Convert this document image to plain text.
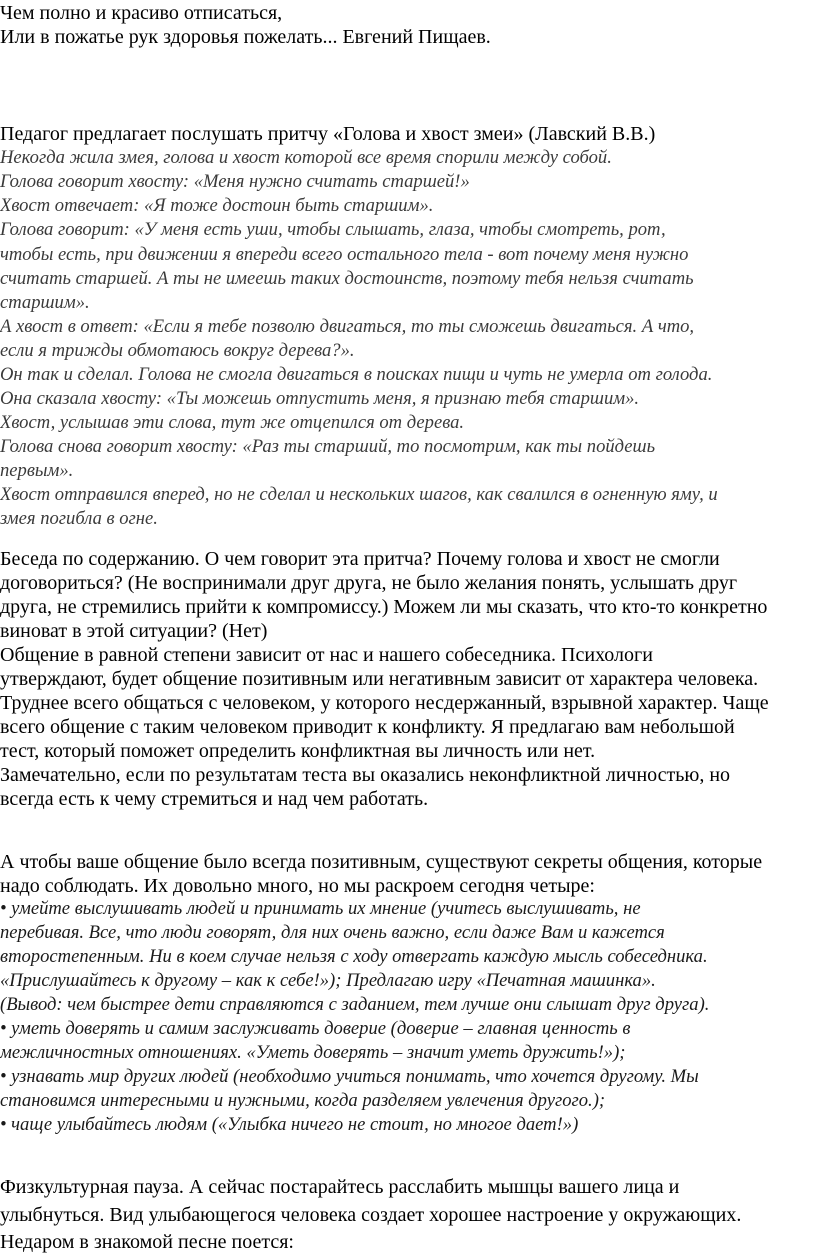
Чем полно и красиво отписаться,
Или в пожатье рук здоровья пожелать... Евгений Пищаев.
Педагог предлагает послушать притчу «Голова и хвост змеи» (Лавский В.В.)
Некогда жила змея, голова и хвост которой все время спорили между собой.
Голова говорит хвосту: «Меня нужно считать старшей!»
Хвост отвечает: «Я тоже достоин быть старшим».
Голова говорит: «У меня есть уши, чтобы слышать, глаза, чтобы смотреть, рот,
чтобы есть, при движении я впереди всего остального тела - вот почему меня нужно
считать старшей. А ты не имеешь таких достоинств, поэтому тебя нельзя считать
старшим».
А хвост в ответ: «Если я тебе позволю двигаться, то ты сможешь двигаться. А что,
если я трижды обмотаюсь вокруг дерева?».
Он так и сделал. Голова не смогла двигаться в поисках пищи и чуть не умерла от голода.
Она сказала хвосту: «Ты можешь отпустить меня, я признаю тебя старшим».
Хвост, услышав эти слова, тут же отцепился от дерева.
Голова снова говорит хвосту: «Раз ты старший, то посмотрим, как ты пойдешь
первым».
Хвост отправился вперед, но не сделал и нескольких шагов, как свалился в огненную яму, и
змея погибла в огне.
Беседа по содержанию. О чем говорит эта притча? Почему голова и хвост не смогли
договориться? (Не воспринимали друг друга, не было желания понять, услышать друг
друга, не стремились прийти к компромиссу.) Можем ли мы сказать, что кто-то конкретно
виноват в этой ситуации? (Нет)
Общение в равной степени зависит от нас и нашего собеседника. Психологи
утверждают, будет общение позитивным или негативным зависит от характера человека.
Труднее всего общаться с человеком, у которого несдержанный, взрывной характер. Чаще
всего общение с таким человеком приводит к конфликту. Я предлагаю вам небольшой
тест, который поможет определить конфликтная вы личность или нет.
Замечательно, если по результатам теста вы оказались неконфликтной личностью, но
всегда есть к чему стремиться и над чем работать.
А чтобы ваше общение было всегда позитивным, существуют секреты общения, которые
надо соблюдать. Их довольно много, но мы раскроем сегодня четыре:
• умейте выслушивать людей и принимать их мнение (учитесь выслушивать, не
перебивая. Все, что люди говорят, для них очень важно, если даже Вам и кажется
второстепенным. Ни в коем случае нельзя с ходу отвергать каждую мысль собеседника.
«Прислушайтесь к другому – как к себе!»); Предлагаю игру «Печатная машинка».
(Вывод: чем быстрее дети справляются с заданием, тем лучше они слышат друг друга).
• уметь доверять и самим заслуживать доверие (доверие – главная ценность в
межличностных отношениях. «Уметь доверять – значит уметь дружить!»);
• узнавать мир других людей (необходимо учиться понимать, что хочется другому. Мы
становимся интересными и нужными, когда разделяем увлечения другого.);
• чаще улыбайтесь людям («Улыбка ничего не стоит, но многое дает!»)
Физкультурная пауза. А сейчас постарайтесь расслабить мышцы вашего лица и
улыбнуться. Вид улыбающегося человека создает хорошее настроение у окружающих.
Недаром в знакомой песне поется:
